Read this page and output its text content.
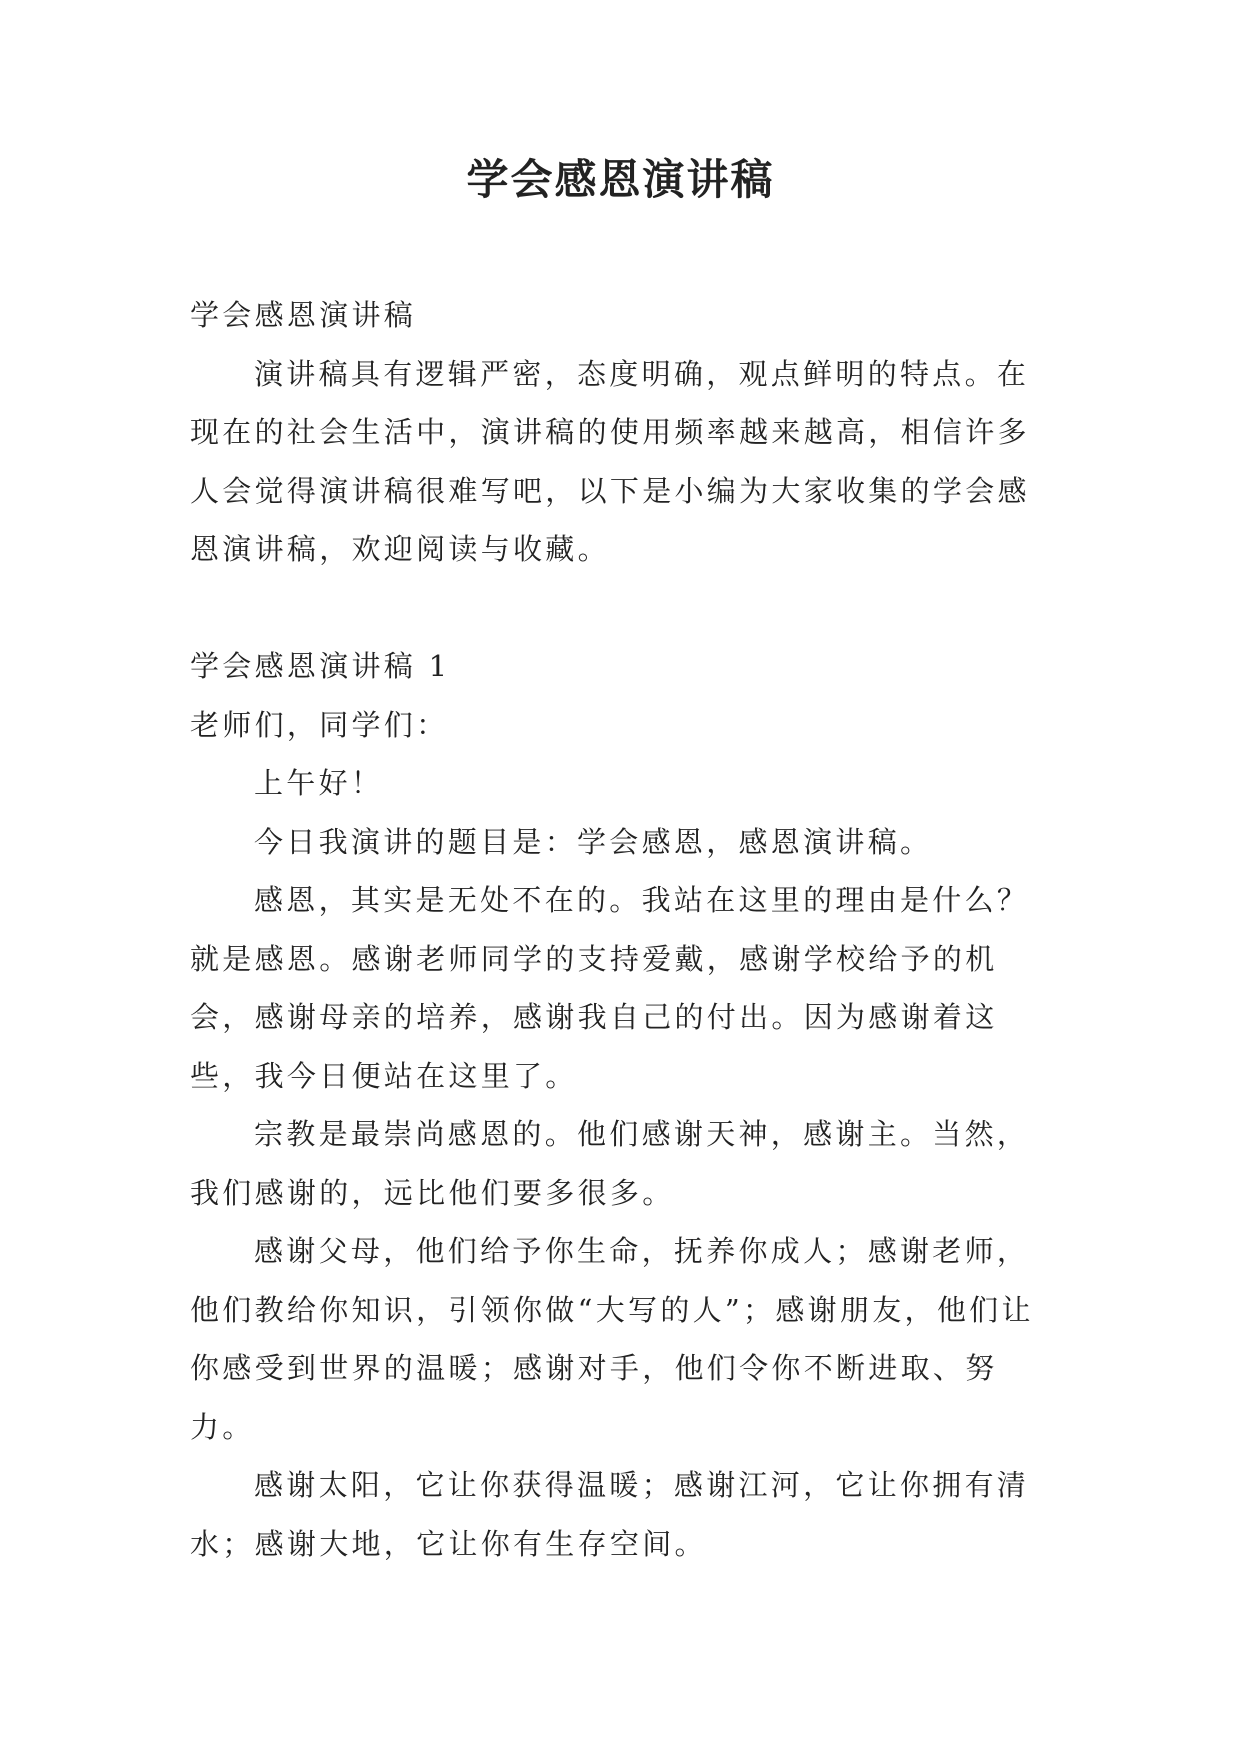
学会感恩演讲稿

学会感恩演讲稿

演讲稿具有逻辑严密，态度明确，观点鲜明的特点。在现在的社会生活中，演讲稿的使用频率越来越高，相信许多人会觉得演讲稿很难写吧，以下是小编为大家收集的学会感恩演讲稿，欢迎阅读与收藏。

学会感恩演讲稿 1

老师们，同学们：

上午好！

今日我演讲的题目是：学会感恩，感恩演讲稿。

感恩，其实是无处不在的。我站在这里的理由是什么？就是感恩。感谢老师同学的支持爱戴，感谢学校给予的机会，感谢母亲的培养，感谢我自己的付出。因为感谢着这些，我今日便站在这里了。

宗教是最崇尚感恩的。他们感谢天神，感谢主。当然，我们感谢的，远比他们要多很多。

感谢父母，他们给予你生命，抚养你成人；感谢老师，他们教给你知识，引领你做“大写的人”；感谢朋友，他们让你感受到世界的温暖；感谢对手，他们令你不断进取、努力。

感谢太阳，它让你获得温暖；感谢江河，它让你拥有清水；感谢大地，它让你有生存空间。
